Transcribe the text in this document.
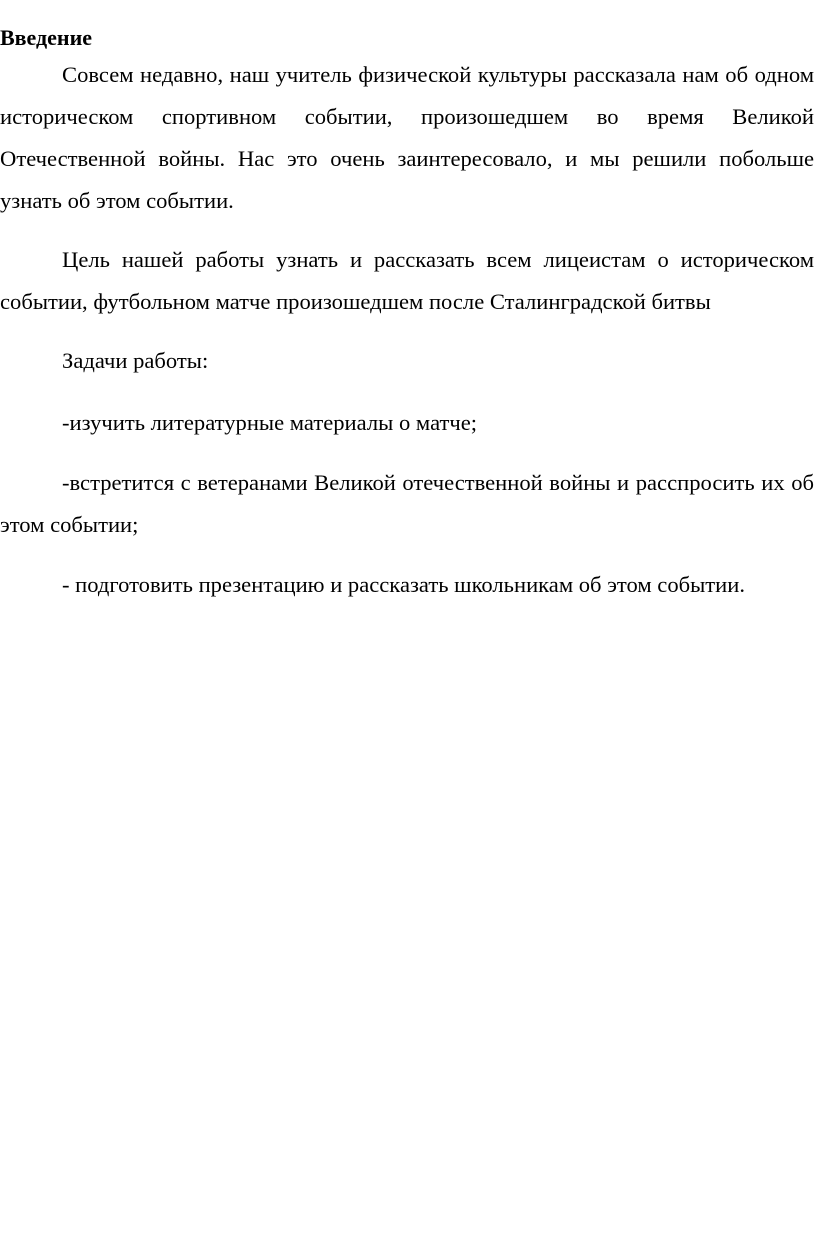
Введение

Совсем недавно, наш учитель физической культуры рассказала нам об одном историческом спортивном событии, произошедшем во время Великой Отечественной войны. Нас это очень заинтересовало, и мы решили побольше узнать об этом событии.

Цель нашей работы узнать и рассказать всем лицеистам о историческом событии, футбольном матче произошедшем после Сталинградской битвы

Задачи работы:

-изучить литературные материалы о матче;

-встретится с ветеранами Великой отечественной войны и расспросить их об этом событии;

- подготовить презентацию и рассказать школьникам об этом событии.
